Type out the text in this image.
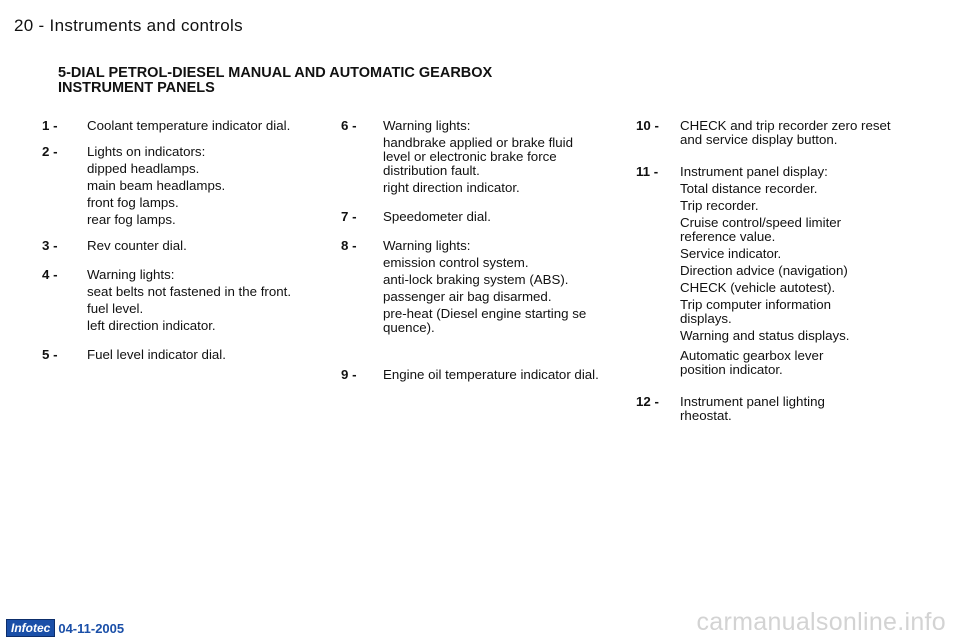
20 - Instruments and controls
5-DIAL PETROL-DIESEL MANUAL AND AUTOMATIC GEARBOX
INSTRUMENT PANELS
1 -	Coolant temperature indicator dial.
2 -	Lights on indicators:
dipped headlamps.
main beam headlamps.
front fog lamps.
rear fog lamps.
3 -	Rev counter dial.
4 -	Warning lights:
seat belts not fastened in the front.
fuel level.
left direction indicator.
5 -	Fuel level indicator dial.
6 -	Warning lights:
handbrake applied or brake fluid level or electronic brake force distribution fault.
right direction indicator.
7 -	Speedometer dial.
8 -	Warning lights:
emission control system.
anti-lock braking system (ABS).
passenger air bag disarmed.
pre-heat (Diesel engine starting se quence).
9 -	Engine oil temperature indicator dial.
10 -	CHECK and trip recorder zero reset and service display button.
11 -	Instrument panel display:
Total distance recorder.
Trip recorder.
Cruise control/speed limiter reference value.
Service indicator.
Direction advice (navigation)
CHECK (vehicle autotest).
Trip computer information displays.
Warning and status displays.
Automatic gearbox lever position indicator.
12 -	Instrument panel lighting rheostat.
Infotec 04-11-2005	carmanualsonline.info
